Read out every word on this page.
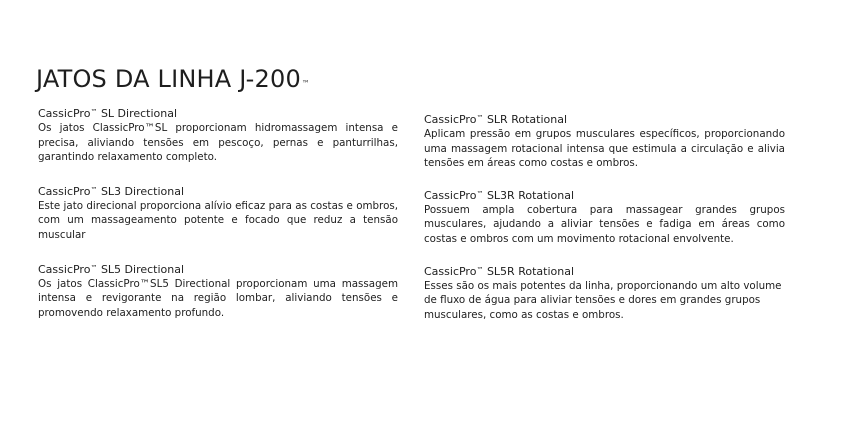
JATOS DA LINHA J-200™

CassicPro™ SL Directional

Os jatos ClassicPro™SL proporcionam hidromassagem intensa e precisa, aliviando tensões em pescoço, pernas e panturrilhas, garantindo relaxamento completo.

CassicPro™ SL3 Directional

Este jato direcional proporciona alívio eficaz para as costas e ombros, com um massageamento potente e focado que reduz a tensão muscular

CassicPro™ SL5 Directional

Os jatos ClassicPro™SL5 Directional proporcionam uma massagem intensa e revigorante na região lombar, aliviando tensões e promovendo relaxamento profundo.

CassicPro™ SLR Rotational

Aplicam pressão em grupos musculares específicos, proporcionando uma massagem rotacional intensa que estimula a circulação e alivia tensões em áreas como costas e ombros.

CassicPro™ SL3R Rotational

Possuem ampla cobertura para massagear grandes grupos musculares, ajudando a aliviar tensões e fadiga em áreas como costas e ombros com um movimento rotacional envolvente.

CassicPro™ SL5R Rotational

Esses são os mais potentes da linha, proporcionando um alto volume de fluxo de água para aliviar tensões e dores em grandes grupos musculares, como as costas e ombros.
